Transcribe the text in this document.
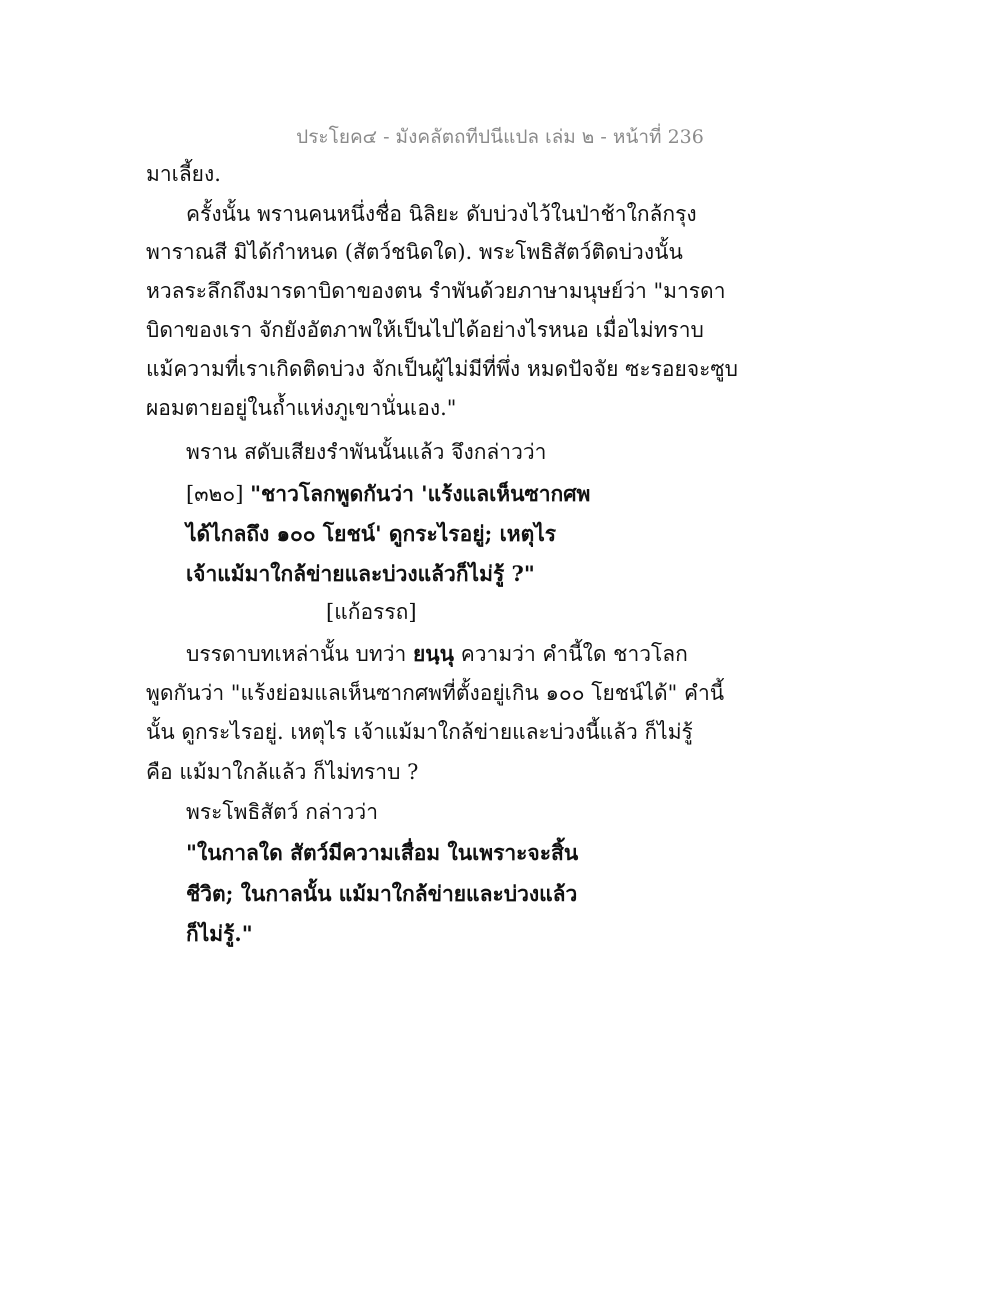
ประโยค๔ - มังคลัตถทีปนีแปล เล่ม ๒ - หน้าที่ 236
มาเลี้ยง.
ครั้งนั้น พรานคนหนึ่งชื่อ นิลิยะ ดับบ่วงไว้ในป่าช้าใกล้กรุง
พาราณสี มิได้กำหนด (สัตว์ชนิดใด). พระโพธิสัตว์ติดบ่วงนั้น
หวลระลึกถึงมารดาบิดาของตน รำพันด้วยภาษามนุษย์ว่า "มารดา
บิดาของเรา จักยังอัตภาพให้เป็นไปได้อย่างไรหนอ เมื่อไม่ทราบ
แม้ความที่เราเกิดติดบ่วง จักเป็นผู้ไม่มีที่พึ่ง หมดปัจจัย ซะรอยจะซูบ
ผอมตายอยู่ในถ้ำแห่งภูเขานั่นเอง."
พราน สดับเสียงรำพันนั้นแล้ว จึงกล่าวว่า
[๓๒๐] "ชาวโลกพูดกันว่า 'แร้งแลเห็นซากศพ
ได้ไกลถึง ๑๐๐ โยชน์' ดูกระไรอยู่; เหตุไร
เจ้าแม้มาใกล้ข่ายและบ่วงแล้วก็ไม่รู้ ?"
[แก้อรรถ]
บรรดาบทเหล่านั้น บทว่า ยนฺนุ ความว่า คำนี้ใด ชาวโลก
พูดกันว่า "แร้งย่อมแลเห็นซากศพที่ตั้งอยู่เกิน ๑๐๐ โยชน์ได้" คำนี้
นั้น ดูกระไรอยู่. เหตุไร เจ้าแม้มาใกล้ข่ายและบ่วงนี้แล้ว ก็ไม่รู้
คือ แม้มาใกล้แล้ว ก็ไม่ทราบ ?
พระโพธิสัตว์ กล่าวว่า
"ในกาลใด สัตว์มีความเสื่อม ในเพราะจะสิ้น
ชีวิต; ในกาลนั้น แม้มาใกล้ข่ายและบ่วงแล้ว
ก็ไม่รู้."
